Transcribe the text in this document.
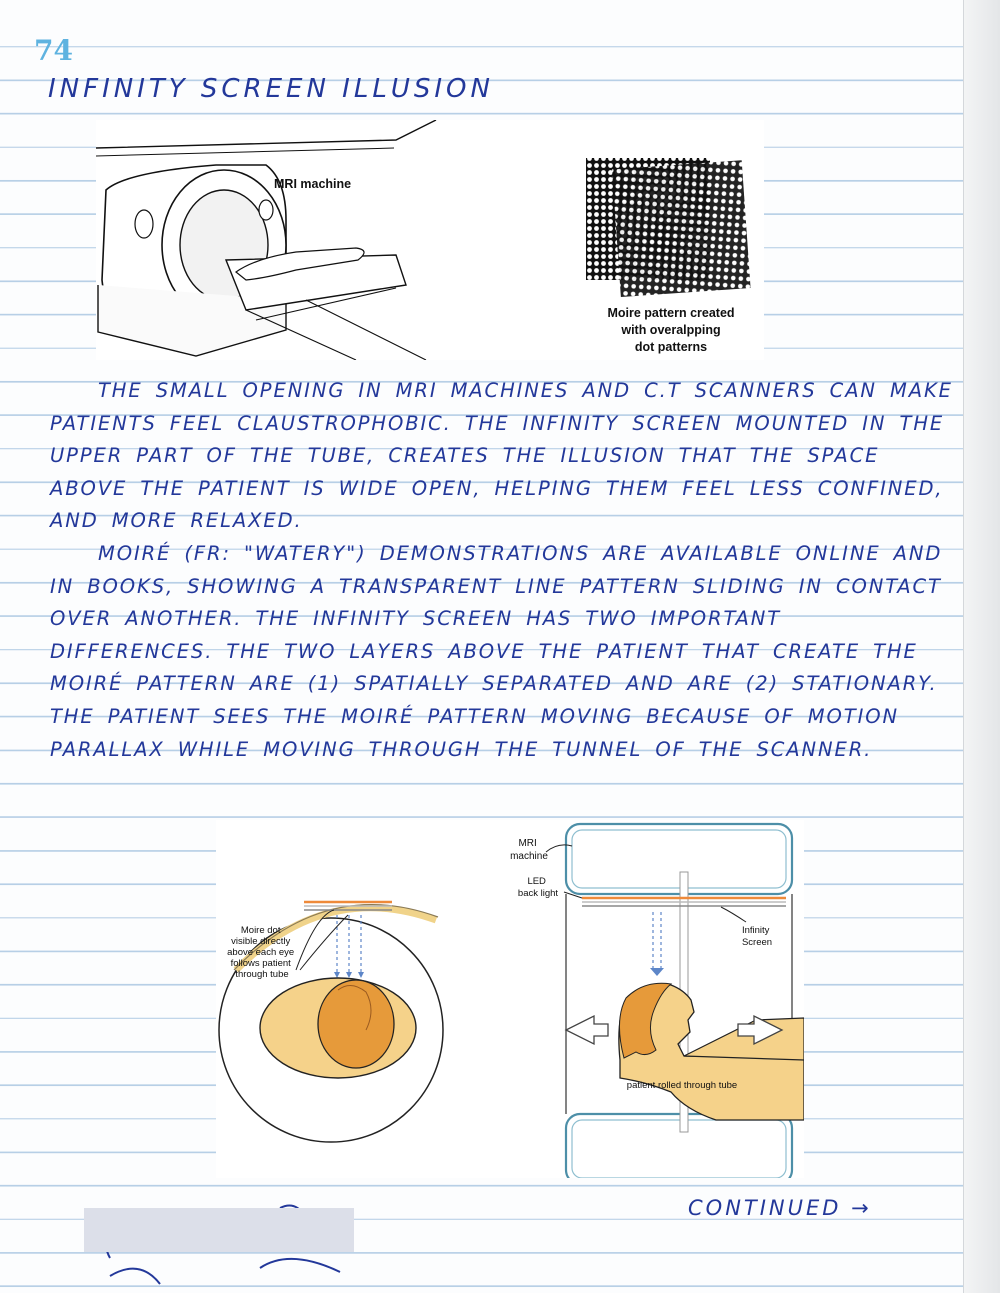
74
INFINITY SCREEN ILLUSION
MRI machine
Moire pattern created
with overalpping
dot patterns
THE SMALL OPENING IN MRI MACHINES AND C.T SCANNERS CAN MAKE PATIENTS FEEL CLAUSTROPHOBIC. THE INFINITY SCREEN MOUNTED IN THE UPPER PART OF THE TUBE, CREATES THE ILLUSION THAT THE SPACE ABOVE THE PATIENT IS WIDE OPEN, HELPING THEM FEEL LESS CONFINED, AND MORE RELAXED.
MOIRÉ (FR: "WATERY") DEMONSTRATIONS ARE AVAILABLE ONLINE AND IN BOOKS, SHOWING A TRANSPARENT LINE PATTERN SLIDING IN CONTACT OVER ANOTHER. THE INFINITY SCREEN HAS TWO IMPORTANT DIFFERENCES. THE TWO LAYERS ABOVE THE PATIENT THAT CREATE THE MOIRÉ PATTERN ARE (1) SPATIALLY SEPARATED AND ARE (2) STATIONARY. THE PATIENT SEES THE MOIRÉ PATTERN MOVING BECAUSE OF MOTION PARALLAX WHILE MOVING THROUGH THE TUNNEL OF THE SCANNER.
Moire dot visible directly above each eye follows patient through tube
MRI machine
LED back light
Infinity Screen
patient rolled through tube
CONTINUED →
